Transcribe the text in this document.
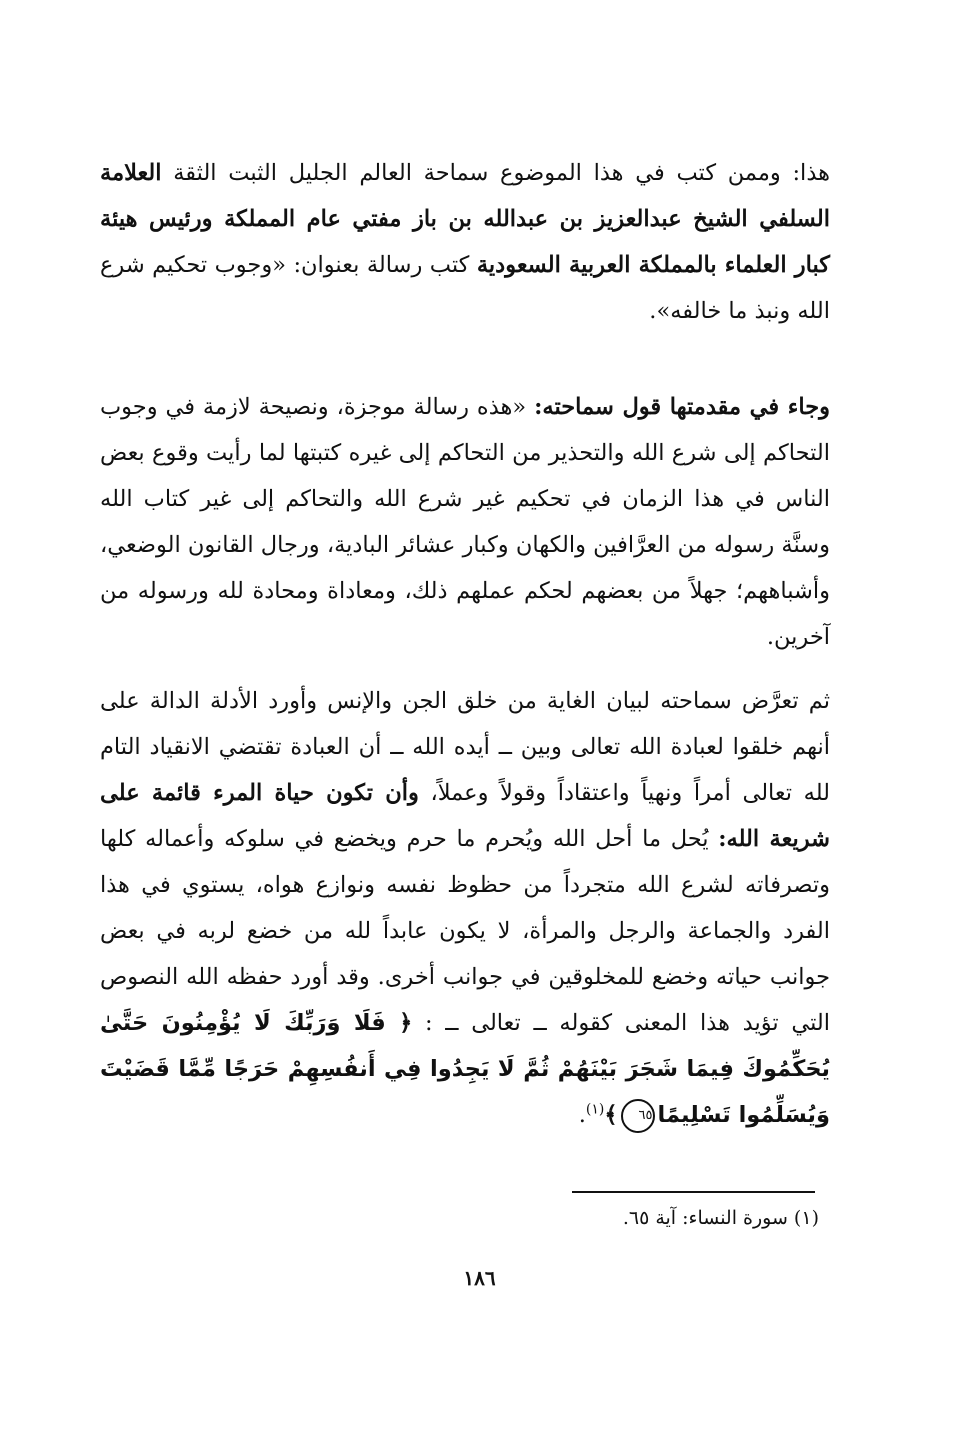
هذا: وممن كتب في هذا الموضوع سماحة العالم الجليل الثبت الثقة العلامة السلفي الشيخ عبدالعزيز بن عبدالله بن باز مفتي عام المملكة ورئيس هيئة كبار العلماء بالمملكة العربية السعودية كتب رسالة بعنوان: «وجوب تحكيم شرع الله ونبذ ما خالفه».

وجاء في مقدمتها قول سماحته: «هذه رسالة موجزة، ونصيحة لازمة في وجوب التحاكم إلى شرع الله والتحذير من التحاكم إلى غيره كتبتها لما رأيت وقوع بعض الناس في هذا الزمان في تحكيم غير شرع الله والتحاكم إلى غير كتاب الله وسنَّة رسوله من العرَّافين والكهان وكبار عشائر البادية، ورجال القانون الوضعي، وأشباههم؛ جهلاً من بعضهم لحكم عملهم ذلك، ومعاداة ومحادة لله ورسوله من آخرين.

ثم تعرَّض سماحته لبيان الغاية من خلق الجن والإنس وأورد الأدلة الدالة على أنهم خلقوا لعبادة الله تعالى وبين ــ أيده الله ــ أن العبادة تقتضي الانقياد التام لله تعالى أمراً ونهياً واعتقاداً وقولاً وعملاً، وأن تكون حياة المرء قائمة على شريعة الله: يُحل ما أحل الله ويُحرم ما حرم ويخضع في سلوكه وأعماله كلها وتصرفاته لشرع الله متجرداً من حظوظ نفسه ونوازع هواه، يستوي في هذا الفرد والجماعة والرجل والمرأة، لا يكون عابداً لله من خضع لربه في بعض جوانب حياته وخضع للمخلوقين في جوانب أخرى. وقد أورد حفظه الله النصوص التي تؤيد هذا المعنى كقوله ــ تعالى ــ : ﴿ فَلَا وَرَبِّكَ لَا يُؤْمِنُونَ حَتَّىٰ يُحَكِّمُوكَ فِيمَا شَجَرَ بَيْنَهُمْ ثُمَّ لَا يَجِدُوا فِي أَنفُسِهِمْ حَرَجًا مِّمَّا قَضَيْتَ وَيُسَلِّمُوا تَسْلِيمًا٦٥﴾$^{(١)}$.

(١) سورة النساء: آية ٦٥.
١٨٦
